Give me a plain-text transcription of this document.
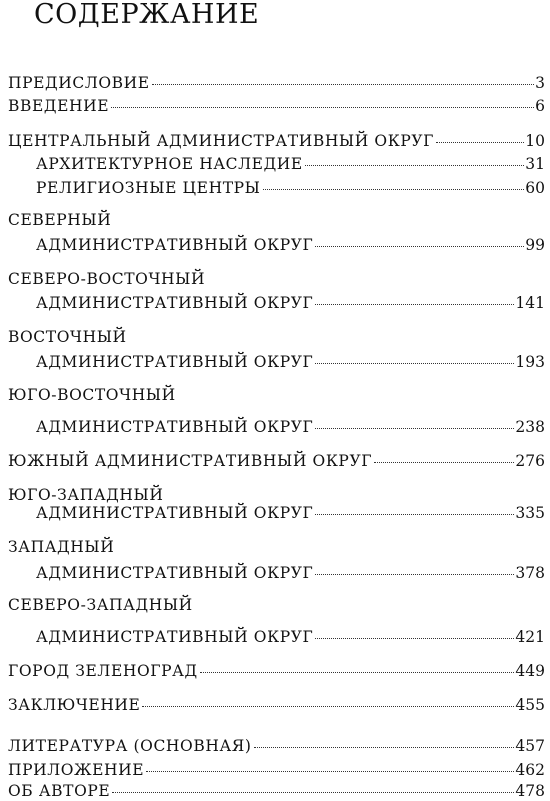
СОДЕРЖАНИЕ
ПРЕДИСЛОВИЕ	3
ВВЕДЕНИЕ	6
ЦЕНТРАЛЬНЫЙ АДМИНИСТРАТИВНЫЙ ОКРУГ	10
АРХИТЕКТУРНОЕ НАСЛЕДИЕ	31
РЕЛИГИОЗНЫЕ ЦЕНТРЫ	60
СЕВЕРНЫЙ
АДМИНИСТРАТИВНЫЙ ОКРУГ	99
СЕВЕРО-ВОСТОЧНЫЙ
АДМИНИСТРАТИВНЫЙ ОКРУГ	141
ВОСТОЧНЫЙ
АДМИНИСТРАТИВНЫЙ ОКРУГ	193
ЮГО-ВОСТОЧНЫЙ
АДМИНИСТРАТИВНЫЙ ОКРУГ	238
ЮЖНЫЙ АДМИНИСТРАТИВНЫЙ ОКРУГ	276
ЮГО-ЗАПАДНЫЙ
АДМИНИСТРАТИВНЫЙ ОКРУГ	335
ЗАПАДНЫЙ
АДМИНИСТРАТИВНЫЙ ОКРУГ	378
СЕВЕРО-ЗАПАДНЫЙ
АДМИНИСТРАТИВНЫЙ ОКРУГ	421
ГОРОД ЗЕЛЕНОГРАД	449
ЗАКЛЮЧЕНИЕ	455
ЛИТЕРАТУРА (ОСНОВНАЯ)	457
ПРИЛОЖЕНИЕ	462
ОБ АВТОРЕ	478
